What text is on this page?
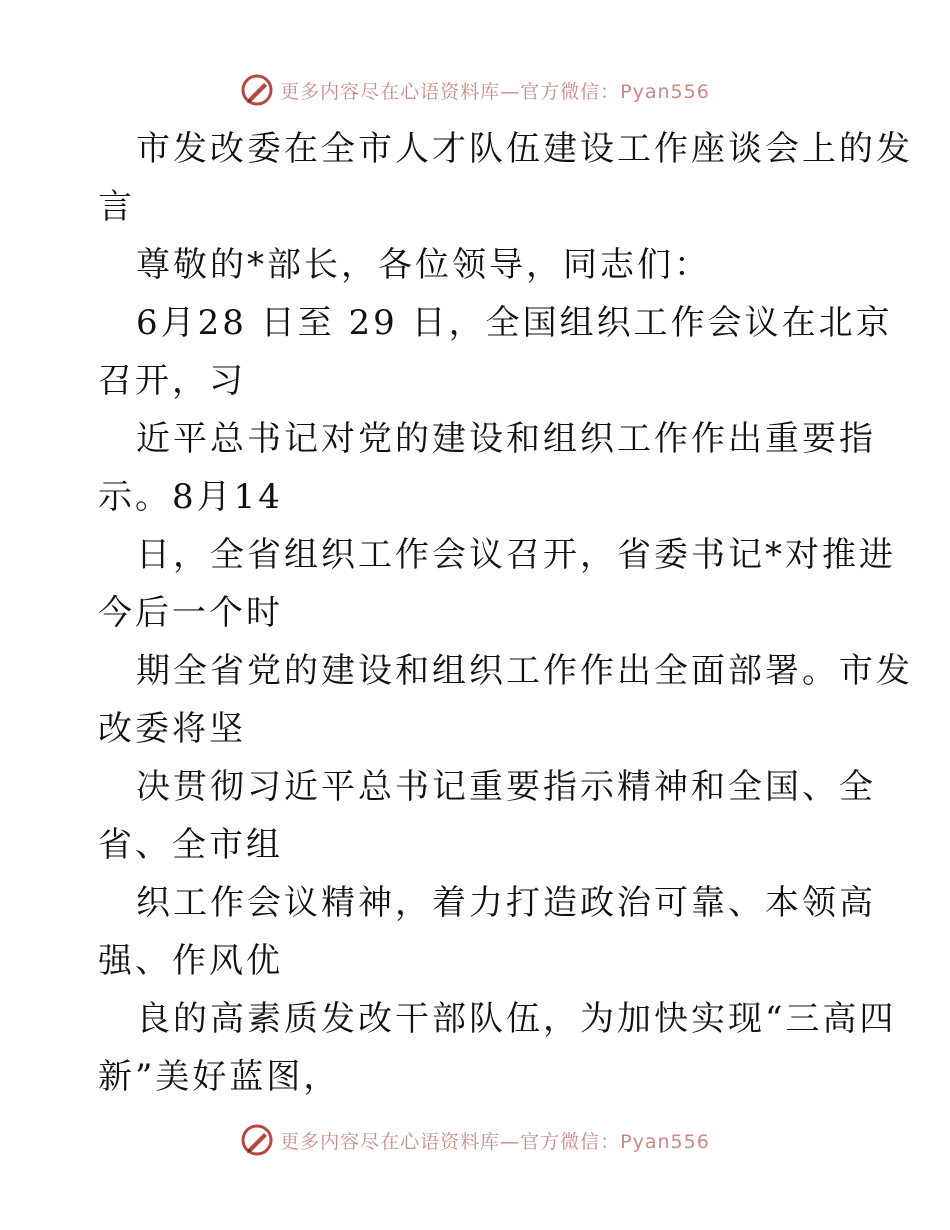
更多内容尽在心语资料库—官方微信：Pyan556
市发改委在全市人才队伍建设工作座谈会上的发
言
尊敬的*部长，各位领导，同志们：
6月28 日至 29 日，全国组织工作会议在北京
召开，习
近平总书记对党的建设和组织工作作出重要指
示。8月14
日，全省组织工作会议召开，省委书记*对推进
今后一个时
期全省党的建设和组织工作作出全面部署。市发
改委将坚
决贯彻习近平总书记重要指示精神和全国、全
省、全市组
织工作会议精神，着力打造政治可靠、本领高
强、作风优
良的高素质发改干部队伍，为加快实现“三高四
新”美好蓝图，
更多内容尽在心语资料库—官方微信：Pyan556
